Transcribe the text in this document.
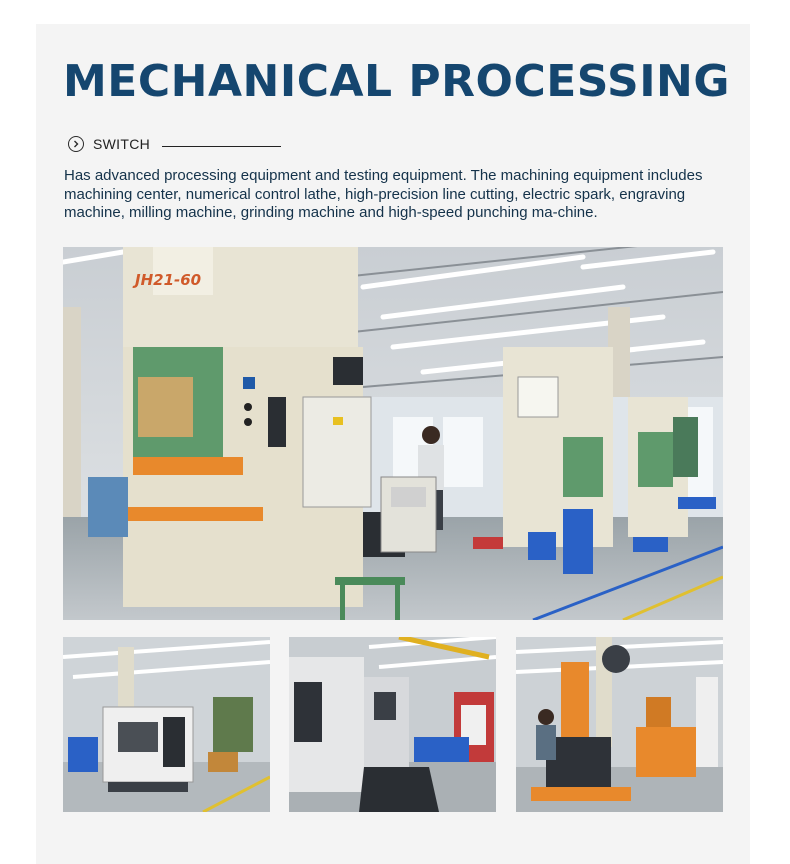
MECHANICAL PROCESSING
SWITCH

Has advanced processing equipment and testing equipment. The machining equipment includes machining center, numerical control lathe, high-precision line cutting, electric spark, engraving machine, milling machine, grinding machine and high-speed punching ma-chine.

JH21-60
